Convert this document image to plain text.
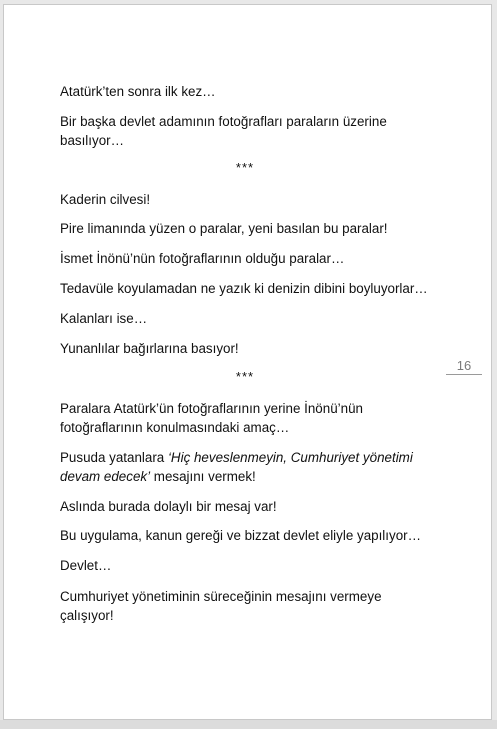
Atatürk’ten sonra ilk kez…

Bir başka devlet adamının fotoğrafları paraların üzerine basılıyor…

***

Kaderin cilvesi!

Pire limanında yüzen o paralar, yeni basılan bu paralar!

İsmet İnönü’nün fotoğraflarının olduğu paralar…

Tedavüle koyulamadan ne yazık ki denizin dibini boyluyorlar…

Kalanları ise…

Yunanlılar bağırlarına basıyor!

***

Paralara Atatürk’ün fotoğraflarının yerine İnönü’nün fotoğraflarının konulmasındaki amaç…

Pusuda yatanlara ‘Hiç heveslenmeyin, Cumhuriyet yönetimi devam edecek’ mesajını vermek!

Aslında burada dolaylı bir mesaj var!

Bu uygulama, kanun gereği ve bizzat devlet eliyle yapılıyor…

Devlet…

Cumhuriyet yönetiminin süreceğinin mesajını vermeye çalışıyor!

16
